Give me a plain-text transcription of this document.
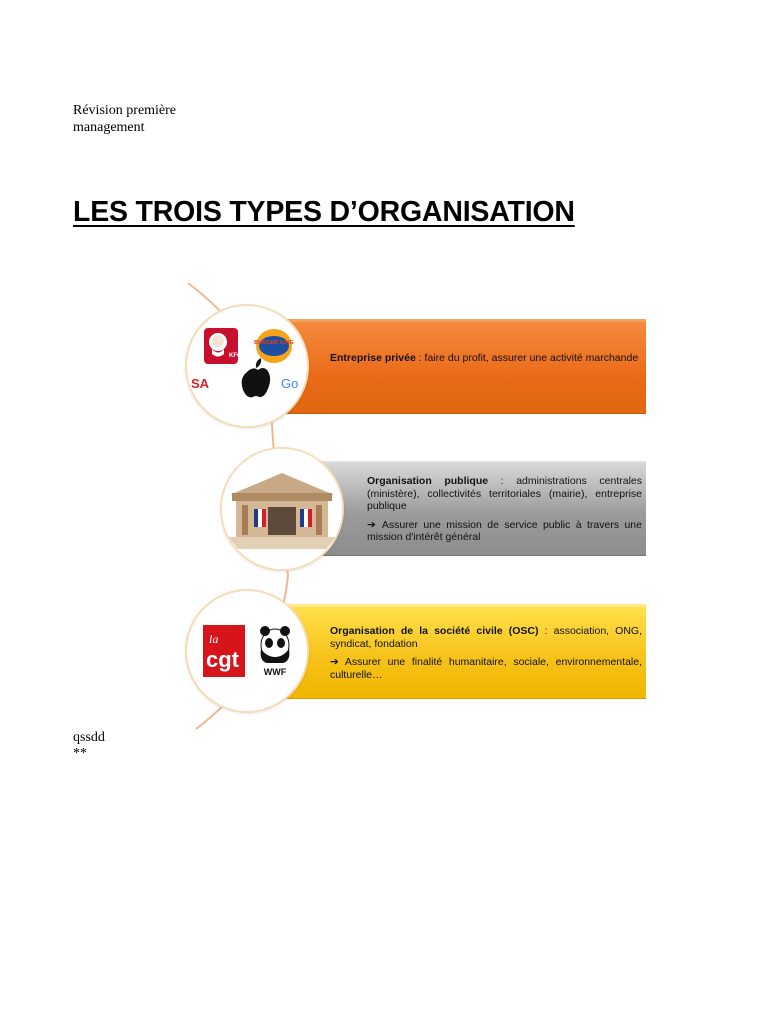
Révision première
management
LES TROIS TYPES D’ORGANISATION

Entreprise privée : faire du profit, assurer une activité marchande

KFC
BURGER KING
SA	Go

Organisation publique : administrations centrales (ministère), collectivités territoriales (mairie), entreprise publique

➔ Assurer une mission de service public à travers une mission d'intérêt général

Organisation de la société civile (OSC) : association, ONG, syndicat, fondation

➔ Assurer une finalité humanitaire, sociale, environnementale, culturelle…

la
cgt	WWF
qssdd
**
